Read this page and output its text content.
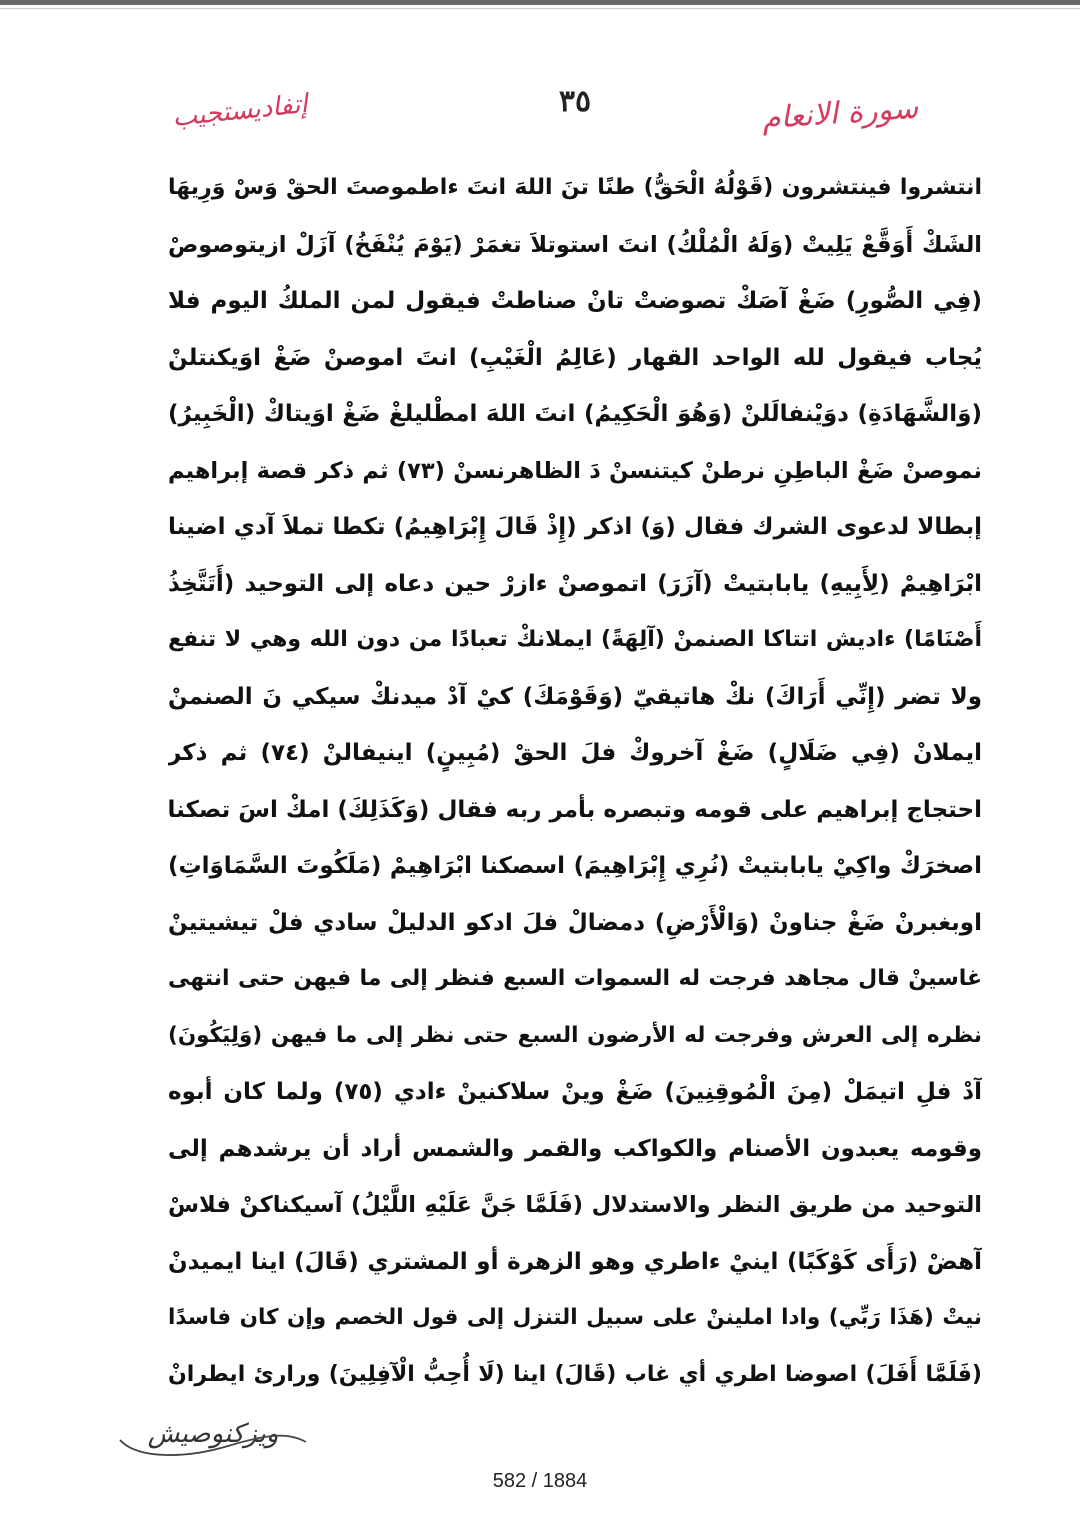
إتفاديستجيب	٣٥	سورة الانعام
انتشروا فينتشرون (قَوْلُهُ الْحَقُّ) طنًا تنَ اللهَ انتَ ءاطموصتَ الحقْ وَسْ وَرِيهَا
الشَكْ أَوَقَّعْ يَلِيتْ (وَلَهُ الْمُلْكُ) انتَ استوتلاَ تغمَرْ (يَوْمَ يُنْفَخُ) آزَلْ ازيتوصوصْ
(فِي الصُّورِ) ضَغْ آصَكْ تصوضتْ تانْ صناطتْ فيقول لمن الملكُ اليوم فلا
يُجاب فيقول لله الواحد القهار (عَالِمُ الْغَيْبِ) انتَ اموصنْ ضَغْ اوَيكنتلنْ
(وَالشَّهَادَةِ) دوَيْنفالَلنْ (وَهُوَ الْحَكِيمُ) انتَ اللهَ امطْليلغْ ضَغْ اوَيتاكْ (الْخَبِيرُ)
نموصنْ ضَغْ الباطِنِ نرطنْ كيتنسنْ دَ الظاهرنسنْ (٧٣) ثم ذكر قصة إبراهيم
إبطالا لدعوى الشرك فقال (وَ) اذكر (إِذْ قَالَ إِبْرَاهِيمُ) تكطا تملاَ آدي اضينا
ابْرَاهِيمْ (لِأَبِيهِ) يابابتيتْ (آزَرَ) اتموصنْ ءازرْ حين دعاه إلى التوحيد (أَتَتَّخِذُ
أَصْنَامًا) ءاديش اتتاكا الصنمنْ (آلِهَةً) ايملانكْ تعبادًا من دون الله وهي لا تنفع
ولا تضر (إِنِّي أَرَاكَ) نكْ هاتيقيّ (وَقَوْمَكَ) كيْ آدْ ميدنكْ سيكي نَ الصنمنْ
ايملانْ (فِي ضَلَالٍ) ضَغْ آخروكْ فلَ الحقْ (مُبِينٍ) اينيفالنْ (٧٤) ثم ذكر
احتجاج إبراهيم على قومه وتبصره بأمر ربه فقال (وَكَذَلِكَ) امكْ اسَ تصكنا
اصخرَكْ واكِيْ يابابتيتْ (نُرِي إِبْرَاهِيمَ) اسصكنا ابْرَاهِيمْ (مَلَكُوتَ السَّمَاوَاتِ)
اوبغبرنْ ضَغْ جناونْ (وَالْأَرْضِ) دمضالْ فلَ ادكو الدليلْ سادي فلْ تيشيتينْ
غاسينْ قال مجاهد فرجت له السموات السبع فنظر إلى ما فيهن حتى انتهى
نظره إلى العرش وفرجت له الأرضون السبع حتى نظر إلى ما فيهن (وَلِيَكُونَ)
آدْ فلِ اتيمَلْ (مِنَ الْمُوقِنِينَ) ضَغْ وينْ سلاكنينْ ءادي (٧٥) ولما كان أبوه
وقومه يعبدون الأصنام والكواكب والقمر والشمس أراد أن يرشدهم إلى
التوحيد من طريق النظر والاستدلال (فَلَمَّا جَنَّ عَلَيْهِ اللَّيْلُ) آسيكناكنْ فلاسْ
آهضْ (رَأَى كَوْكَبًا) اينيْ ءاطري وهو الزهرة أو المشتري (قَالَ) اينا ايميدنْ
نيتْ (هَذَا رَبِّي) وادا امليننْ على سبيل التنزل إلى قول الخصم وإن كان فاسدًا
(فَلَمَّا أَفَلَ) اصوضا اطري أي غاب (قَالَ) اينا (لَا أُحِبُّ الْآفِلِينَ) ورارئ ايطرانْ
ويزكنوصيش
582 / 1884
